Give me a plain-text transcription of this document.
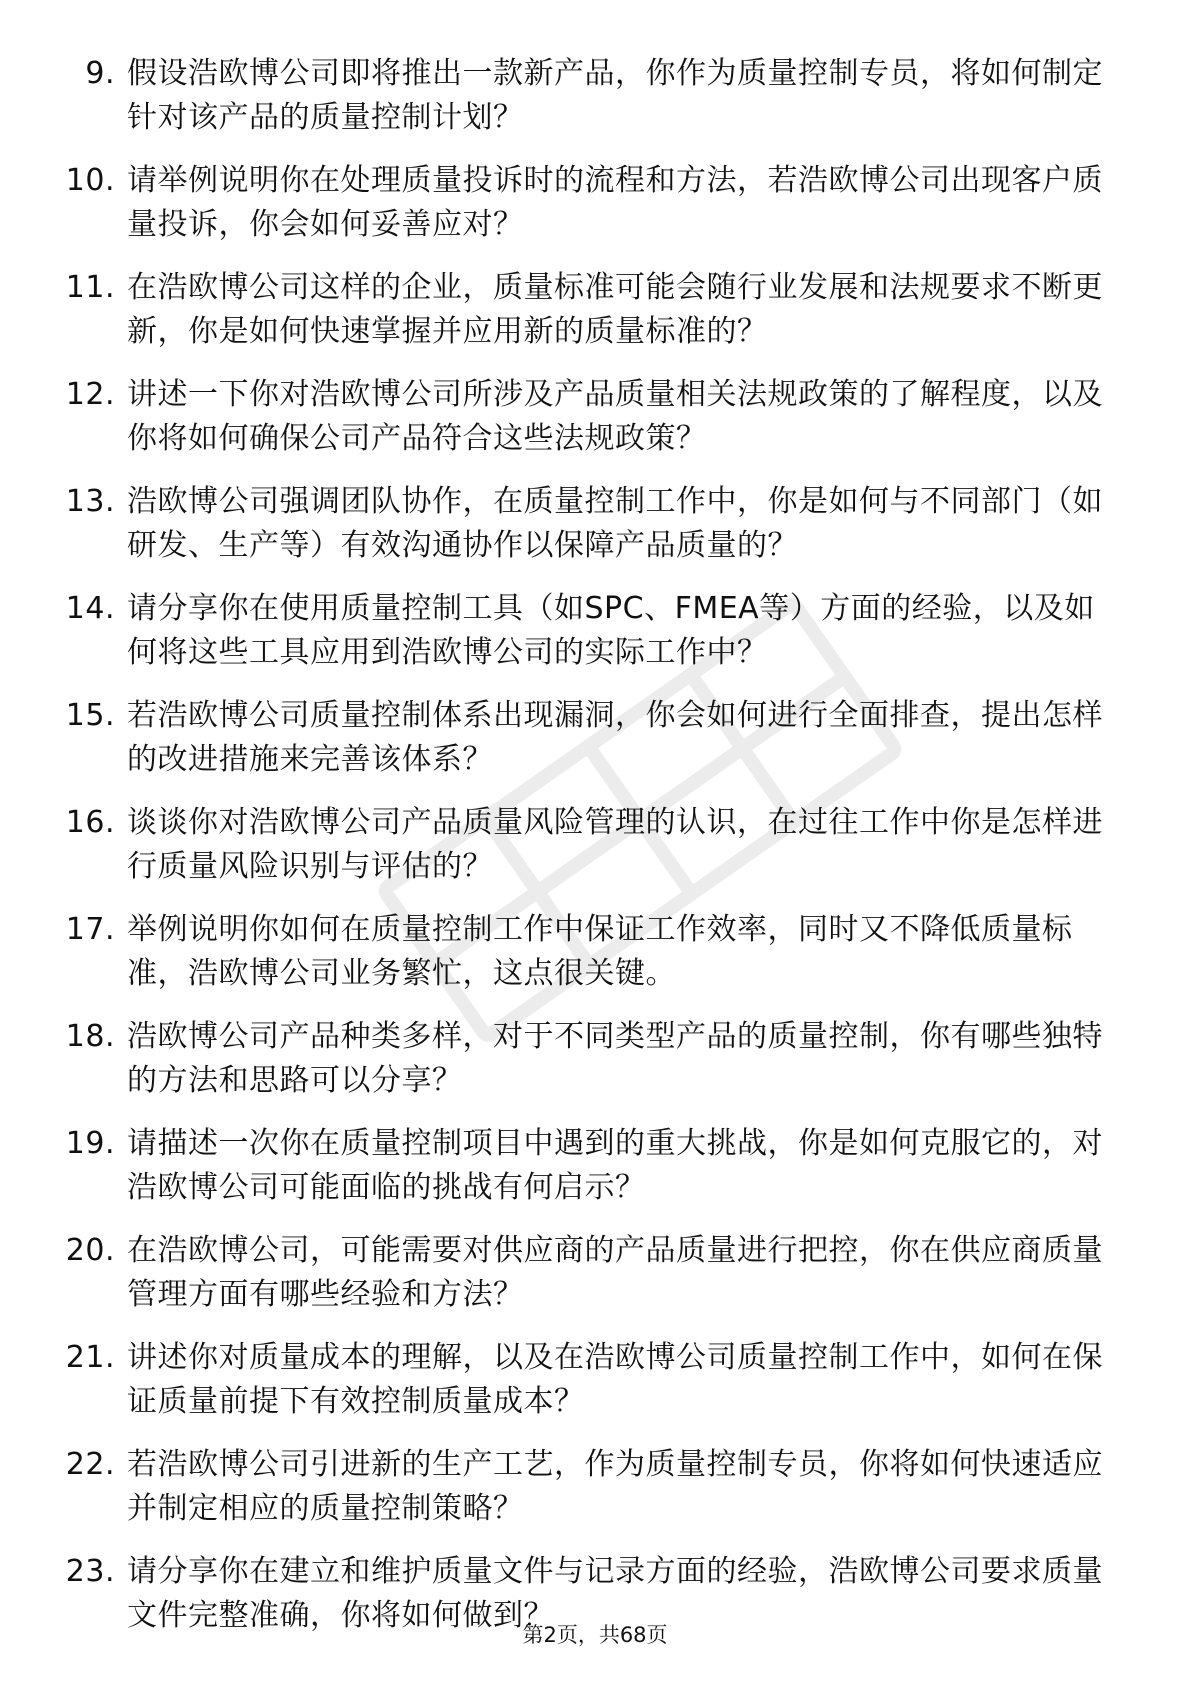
9. 假设浩欧博公司即将推出一款新产品，你作为质量控制专员，将如何制定针对该产品的质量控制计划？
10. 请举例说明你在处理质量投诉时的流程和方法，若浩欧博公司出现客户质量投诉，你会如何妥善应对？
11. 在浩欧博公司这样的企业，质量标准可能会随行业发展和法规要求不断更新，你是如何快速掌握并应用新的质量标准的？
12. 讲述一下你对浩欧博公司所涉及产品质量相关法规政策的了解程度，以及你将如何确保公司产品符合这些法规政策？
13. 浩欧博公司强调团队协作，在质量控制工作中，你是如何与不同部门（如研发、生产等）有效沟通协作以保障产品质量的？
14. 请分享你在使用质量控制工具（如SPC、FMEA等）方面的经验，以及如何将这些工具应用到浩欧博公司的实际工作中？
15. 若浩欧博公司质量控制体系出现漏洞，你会如何进行全面排查，提出怎样的改进措施来完善该体系？
16. 谈谈你对浩欧博公司产品质量风险管理的认识，在过往工作中你是怎样进行质量风险识别与评估的？
17. 举例说明你如何在质量控制工作中保证工作效率，同时又不降低质量标准，浩欧博公司业务繁忙，这点很关键。
18. 浩欧博公司产品种类多样，对于不同类型产品的质量控制，你有哪些独特的方法和思路可以分享？
19. 请描述一次你在质量控制项目中遇到的重大挑战，你是如何克服它的，对浩欧博公司可能面临的挑战有何启示？
20. 在浩欧博公司，可能需要对供应商的产品质量进行把控，你在供应商质量管理方面有哪些经验和方法？
21. 讲述你对质量成本的理解，以及在浩欧博公司质量控制工作中，如何在保证质量前提下有效控制质量成本？
22. 若浩欧博公司引进新的生产工艺，作为质量控制专员，你将如何快速适应并制定相应的质量控制策略？
23. 请分享你在建立和维护质量文件与记录方面的经验，浩欧博公司要求质量文件完整准确，你将如何做到？
第2页，共68页
